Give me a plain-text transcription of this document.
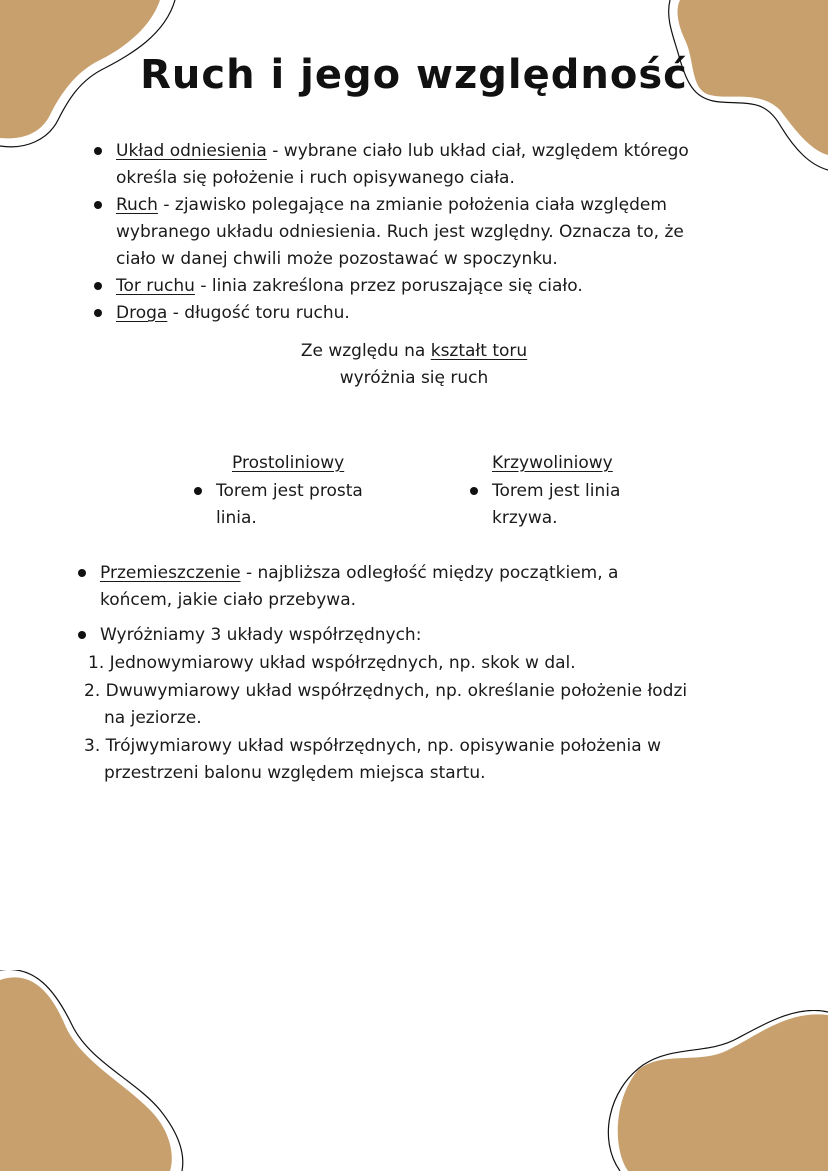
Ruch i jego względność
Układ odniesienia - wybrane ciało lub układ ciał, względem którego
określa się położenie i ruch opisywanego ciała.
Ruch - zjawisko polegające na zmianie położenia ciała względem
wybranego układu odniesienia. Ruch jest względny. Oznacza to, że
ciało w danej chwili może pozostawać w spoczynku.
Tor ruchu - linia zakreślona przez poruszające się ciało.
Droga - długość toru ruchu.
Ze względu na kształt toru
wyróżnia się ruch
Prostoliniowy
Torem jest prosta
linia.
Krzywoliniowy
Torem jest linia
krzywa.
Przemieszczenie - najbliższa odległość między początkiem, a
końcem, jakie ciało przebywa.
Wyróżniamy 3 układy współrzędnych:
1. Jednowymiarowy układ współrzędnych, np. skok w dal.
2. Dwuwymiarowy układ współrzędnych, np. określanie położenie łodzi
na jeziorze.
3. Trójwymiarowy układ współrzędnych, np. opisywanie położenia w
przestrzeni balonu względem miejsca startu.
